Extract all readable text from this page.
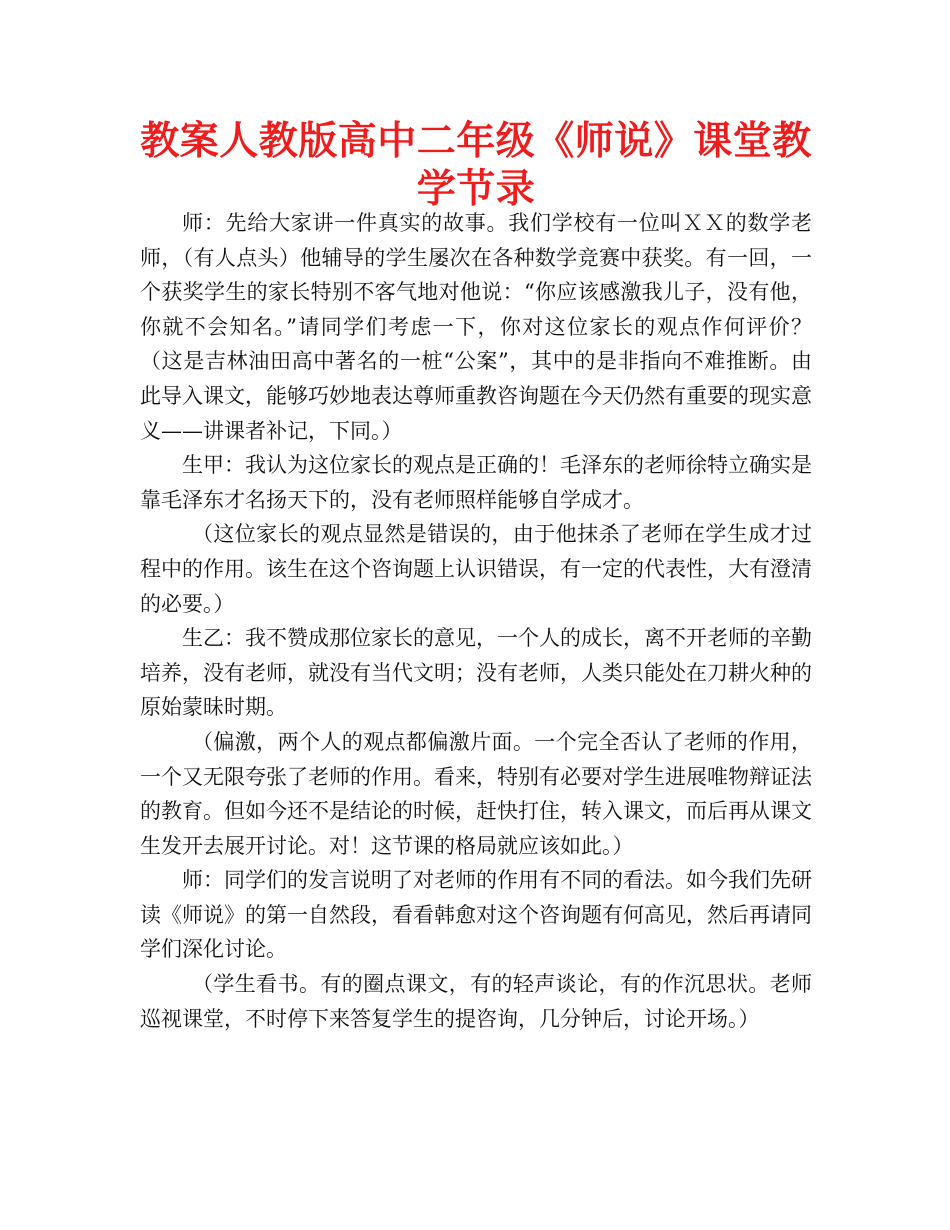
教案人教版高中二年级《师说》课堂教学节录

师：先给大家讲一件真实的故事。我们学校有一位叫ＸＸ的数学老师，（有人点头）他辅导的学生屡次在各种数学竞赛中获奖。有一回，一个获奖学生的家长特别不客气地对他说：“你应该感激我儿子，没有他，你就不会知名。”请同学们考虑一下，你对这位家长的观点作何评价？（这是吉林油田高中著名的一桩“公案”，其中的是非指向不难推断。由此导入课文，能够巧妙地表达尊师重教咨询题在今天仍然有重要的现实意义——讲课者补记，下同。）

生甲：我认为这位家长的观点是正确的！毛泽东的老师徐特立确实是靠毛泽东才名扬天下的，没有老师照样能够自学成才。

（这位家长的观点显然是错误的，由于他抹杀了老师在学生成才过程中的作用。该生在这个咨询题上认识错误，有一定的代表性，大有澄清的必要。）

生乙：我不赞成那位家长的意见，一个人的成长，离不开老师的辛勤培养，没有老师，就没有当代文明；没有老师，人类只能处在刀耕火种的原始蒙昧时期。

（偏激，两个人的观点都偏激片面。一个完全否认了老师的作用，一个又无限夸张了老师的作用。看来，特别有必要对学生进展唯物辩证法的教育。但如今还不是结论的时候，赶快打住，转入课文，而后再从课文生发开去展开讨论。对！这节课的格局就应该如此。）

师：同学们的发言说明了对老师的作用有不同的看法。如今我们先研读《师说》的第一自然段，看看韩愈对这个咨询题有何高见，然后再请同学们深化讨论。

（学生看书。有的圈点课文，有的轻声谈论，有的作沉思状。老师巡视课堂，不时停下来答复学生的提咨询，几分钟后，讨论开场。）
